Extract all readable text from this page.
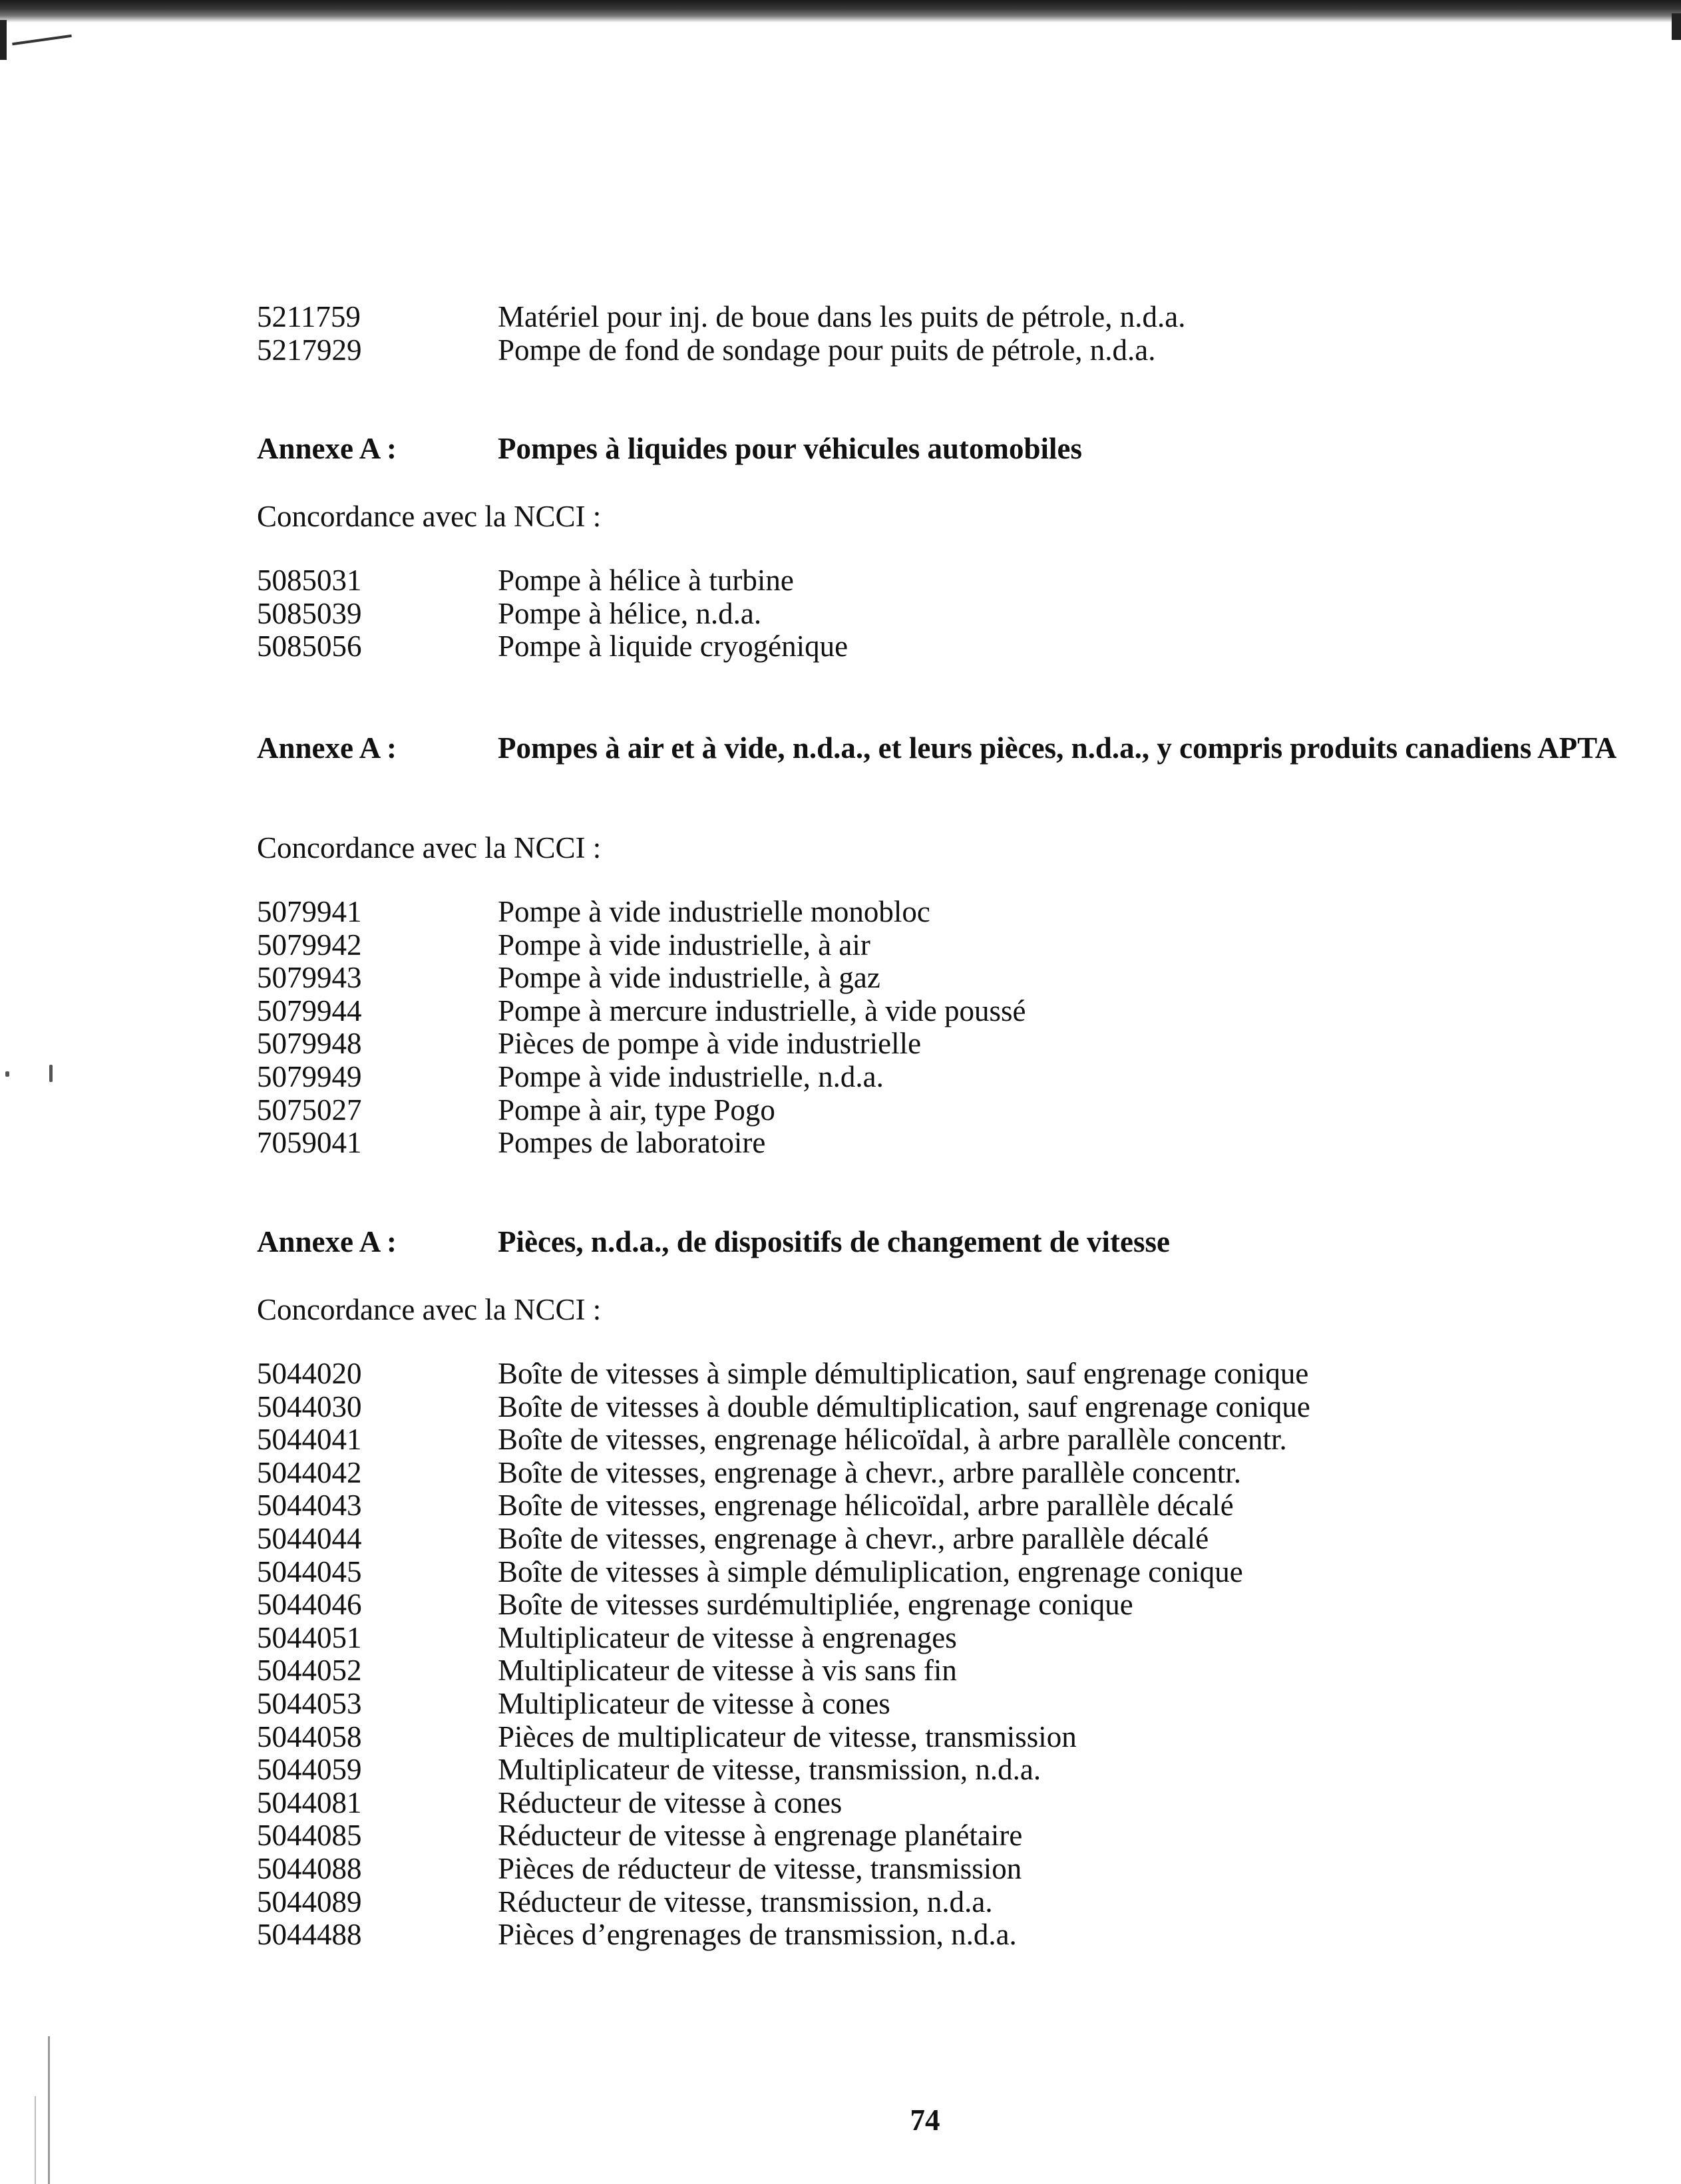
5211759	Matériel pour inj. de boue dans les puits de pétrole, n.d.a.
5217929	Pompe de fond de sondage pour puits de pétrole, n.d.a.
Annexe A :	Pompes à liquides pour véhicules automobiles
Concordance avec la NCCI :
5085031	Pompe à hélice à turbine
5085039	Pompe à hélice, n.d.a.
5085056	Pompe à liquide cryogénique
Annexe A :	Pompes à air et à vide, n.d.a., et leurs pièces, n.d.a., y compris produits canadiens APTA
Concordance avec la NCCI :
5079941	Pompe à vide industrielle monobloc
5079942	Pompe à vide industrielle, à air
5079943	Pompe à vide industrielle, à gaz
5079944	Pompe à mercure industrielle, à vide poussé
5079948	Pièces de pompe à vide industrielle
5079949	Pompe à vide industrielle, n.d.a.
5075027	Pompe à air, type Pogo
7059041	Pompes de laboratoire
Annexe A :	Pièces, n.d.a., de dispositifs de changement de vitesse
Concordance avec la NCCI :
5044020	Boîte de vitesses à simple démultiplication, sauf engrenage conique
5044030	Boîte de vitesses à double démultiplication, sauf engrenage conique
5044041	Boîte de vitesses, engrenage hélicoïdal, à arbre parallèle concentr.
5044042	Boîte de vitesses, engrenage à chevr., arbre parallèle concentr.
5044043	Boîte de vitesses, engrenage hélicoïdal, arbre parallèle décalé
5044044	Boîte de vitesses, engrenage à chevr., arbre parallèle décalé
5044045	Boîte de vitesses à simple démuliplication, engrenage conique
5044046	Boîte de vitesses surdémultipliée, engrenage conique
5044051	Multiplicateur de vitesse à engrenages
5044052	Multiplicateur de vitesse à vis sans fin
5044053	Multiplicateur de vitesse à cones
5044058	Pièces de multiplicateur de vitesse, transmission
5044059	Multiplicateur de vitesse, transmission, n.d.a.
5044081	Réducteur de vitesse à cones
5044085	Réducteur de vitesse à engrenage planétaire
5044088	Pièces de réducteur de vitesse, transmission
5044089	Réducteur de vitesse, transmission, n.d.a.
5044488	Pièces d’engrenages de transmission, n.d.a.
74
